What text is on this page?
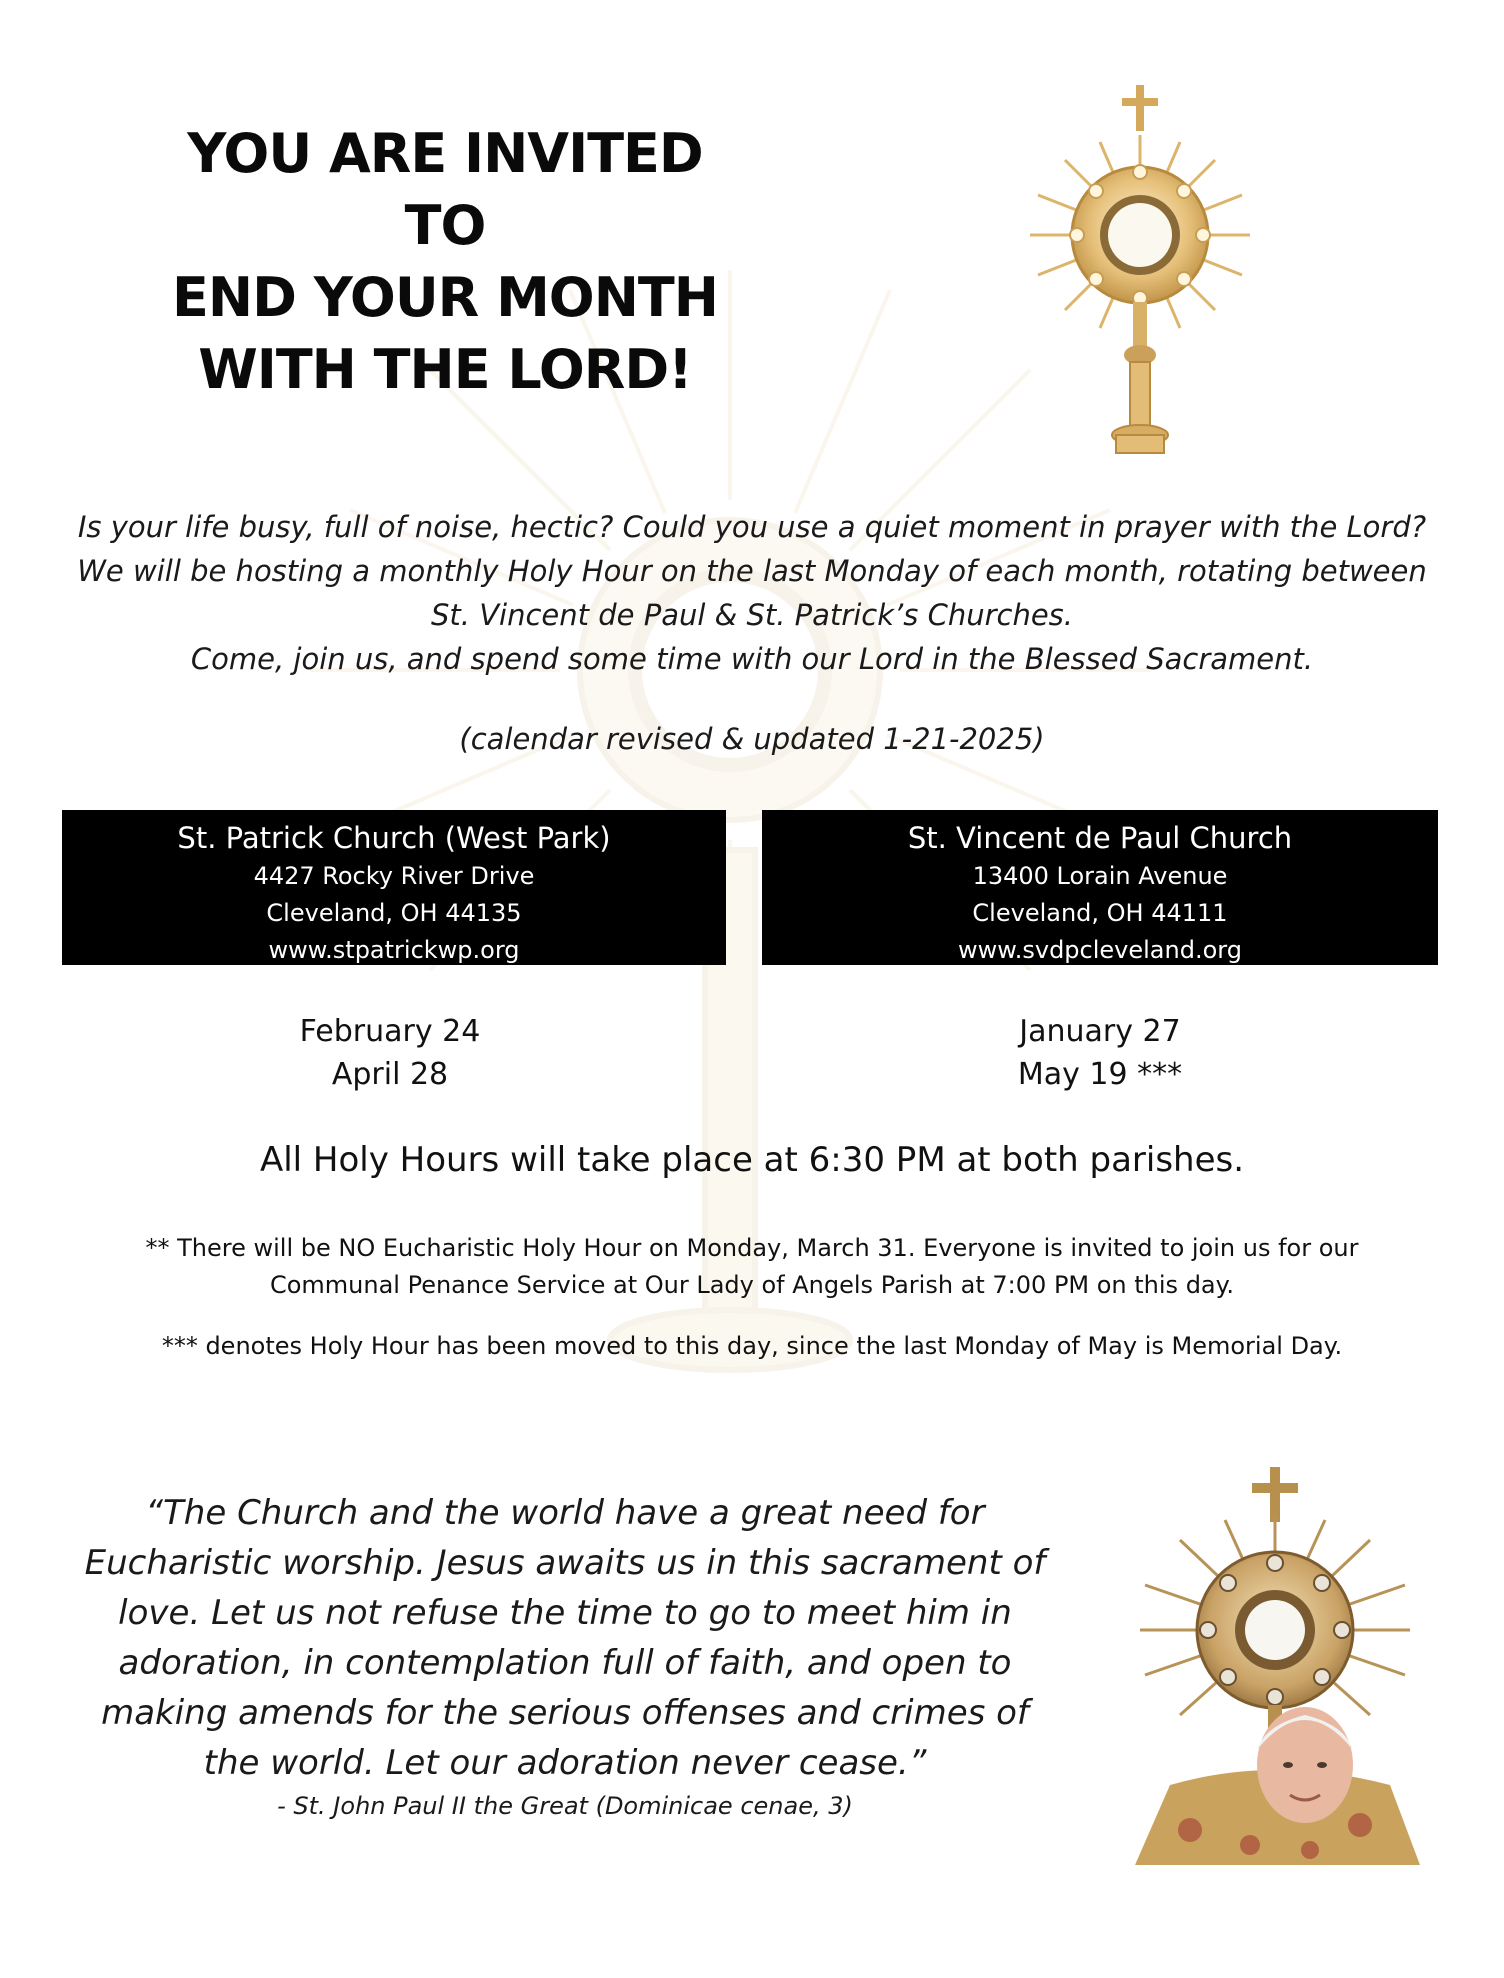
YOU ARE INVITED
TO
END YOUR MONTH
WITH THE LORD!

Is your life busy, full of noise, hectic? Could you use a quiet moment in prayer with the Lord? We will be hosting a monthly Holy Hour on the last Monday of each month, rotating between St. Vincent de Paul & St. Patrick’s Churches.

Come, join us, and spend some time with our Lord in the Blessed Sacrament.

(calendar revised & updated 1-21-2025)
St. Patrick Church (West Park)
4427 Rocky River Drive
Cleveland, OH 44135
www.stpatrickwp.org
St. Vincent de Paul Church
13400 Lorain Avenue
Cleveland, OH 44111
www.svdpcleveland.org
February 24
April 28
January 27
May 19 ***
All Holy Hours will take place at 6:30 PM at both parishes.
** There will be NO Eucharistic Holy Hour on Monday, March 31. Everyone is invited to join us for our Communal Penance Service at Our Lady of Angels Parish at 7:00 PM on this day.
*** denotes Holy Hour has been moved to this day, since the last Monday of May is Memorial Day.

“The Church and the world have a great need for Eucharistic worship. Jesus awaits us in this sacrament of love. Let us not refuse the time to go to meet him in adoration, in contemplation full of faith, and open to making amends for the serious offenses and crimes of the world. Let our adoration never cease.”

- St. John Paul II the Great (Dominicae cenae, 3)
